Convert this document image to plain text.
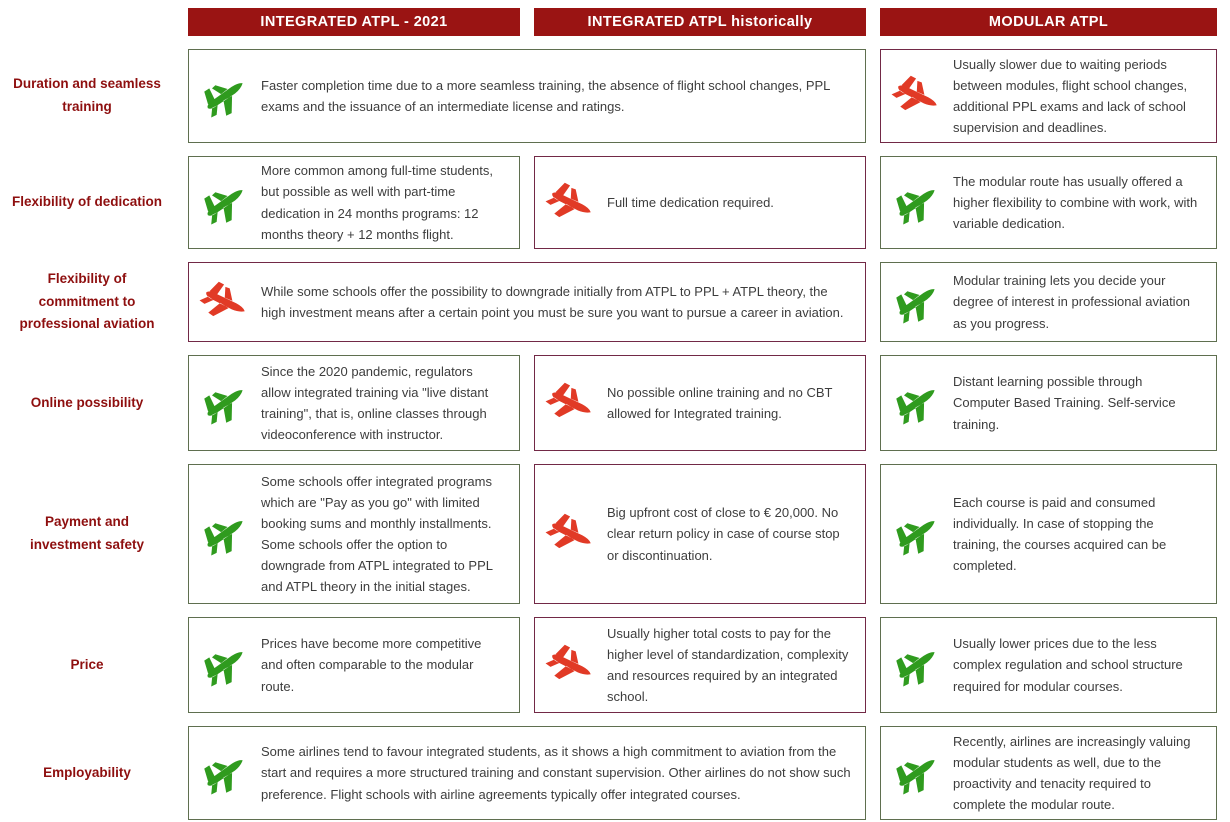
INTEGRATED ATPL - 2021	INTEGRATED ATPL historically	MODULAR ATPL
Duration and seamless training
Faster completion time due to a more seamless training, the absence of flight school changes, PPL exams and the issuance of an intermediate license and ratings.
Usually slower due to waiting periods between modules, flight school changes, additional PPL exams and lack of school supervision and deadlines.
Flexibility of dedication
More common among full-time students, but possible as well with part-time dedication in 24 months programs: 12 months theory + 12 months flight.
Full time dedication required.
The modular route has usually offered a higher flexibility to combine with work, with variable dedication.
Flexibility of commitment to professional aviation
While some schools offer the possibility to downgrade initially from ATPL to PPL + ATPL theory, the high investment means after a certain point you must be sure you want to pursue a career in aviation.
Modular training lets you decide your degree of interest in professional aviation as you progress.
Online possibility
Since the 2020 pandemic, regulators allow integrated training via "live distant training", that is, online classes through videoconference with instructor.
No possible online training and no CBT allowed for Integrated training.
Distant learning possible through Computer Based Training. Self-service training.
Payment and investment safety
Some schools offer integrated programs which are "Pay as you go" with limited booking sums and monthly installments. Some schools offer the option to downgrade from ATPL integrated to PPL and ATPL theory in the initial stages.
Big upfront cost of close to € 20,000. No clear return policy in case of course stop or discontinuation.
Each course is paid and consumed individually. In case of stopping the training, the courses acquired can be completed.
Price
Prices have become more competitive and often comparable to the modular route.
Usually higher total costs to pay for the higher level of standardization, complexity and resources required by an integrated school.
Usually lower prices due to the less complex regulation and school structure required for modular courses.
Employability
Some airlines tend to favour integrated students, as it shows a high commitment to aviation from the start and requires a more structured training and constant supervision. Other airlines do not show such preference. Flight schools with airline agreements typically offer integrated courses.
Recently, airlines are increasingly valuing modular students as well, due to the proactivity and tenacity required to complete the modular route.
